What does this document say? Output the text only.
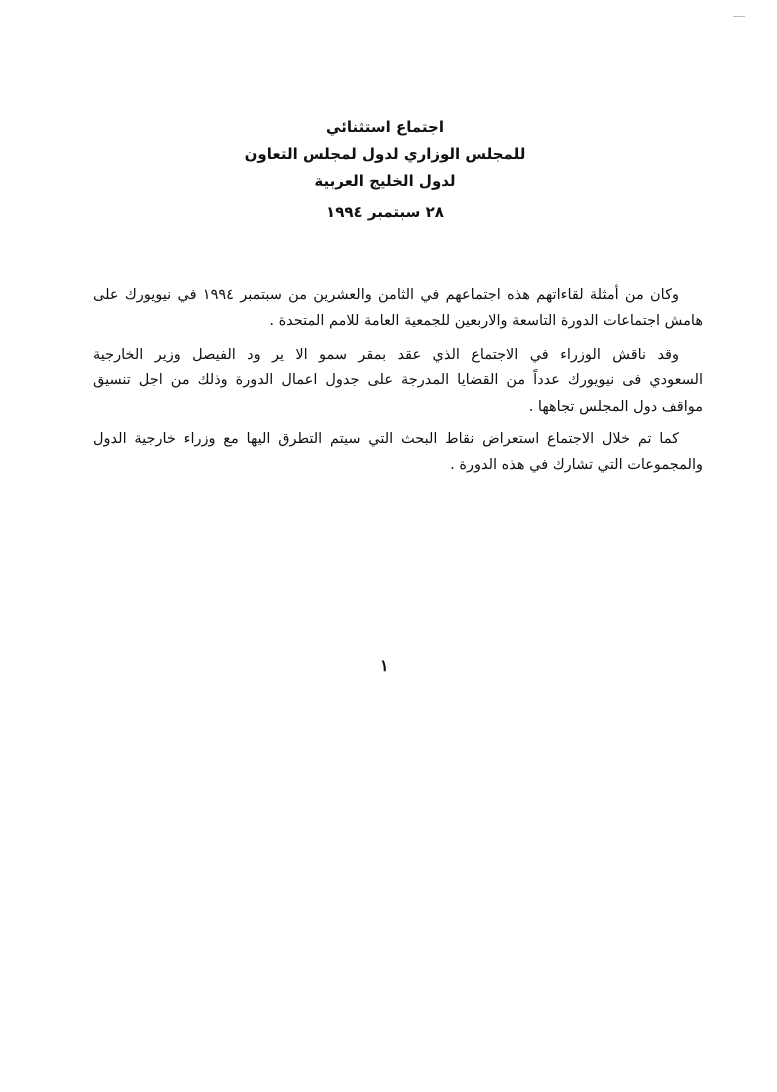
اجتماع استثنائي
للمجلس الوزاري لدول لمجلس التعاون
لدول الخليج العربية
٢٨ سبتمبر ١٩٩٤
وكان من أمثلة لقاءاتهم هذه اجتماعهم في الثامن والعشرين من سبتمبر ١٩٩٤ في نيويورك على
هامش اجتماعات الدورة التاسعة والاربعين للجمعية العامة للامم المتحدة .
وقد ناقش الوزراء في الاجتماع الذي عقد بمقر سمو الا ير ود الفيصل وزير الخارجية
السعودي فى نيويورك عدداً من القضايا المدرجة على جدول اعمال الدورة وذلك من اجل تنسيق
مواقف دول المجلس تجاهها .
كما تم خلال الاجتماع استعراض نقاط البحث التي سيتم التطرق اليها مع وزراء خارجية الدول
والمجموعات التي تشارك في هذه الدورة .
١
